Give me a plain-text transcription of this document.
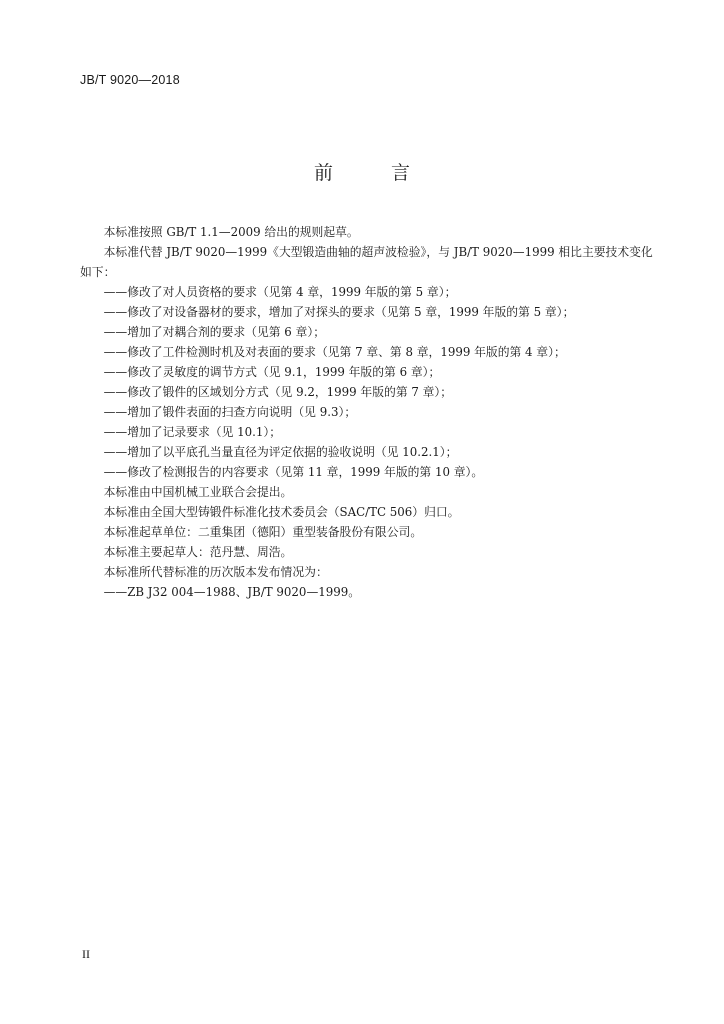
JB/T 9020—2018
前 言

本标准按照 GB/T 1.1—2009 给出的规则起草。

本标准代替 JB/T 9020—1999《大型锻造曲轴的超声波检验》，与 JB/T 9020—1999 相比主要技术变化如下：

——修改了对人员资格的要求（见第 4 章，1999 年版的第 5 章）；

——修改了对设备器材的要求，增加了对探头的要求（见第 5 章，1999 年版的第 5 章）；

——增加了对耦合剂的要求（见第 6 章）；

——修改了工件检测时机及对表面的要求（见第 7 章、第 8 章，1999 年版的第 4 章）；

——修改了灵敏度的调节方式（见 9.1，1999 年版的第 6 章）；

——修改了锻件的区域划分方式（见 9.2，1999 年版的第 7 章）；

——增加了锻件表面的扫查方向说明（见 9.3）；

——增加了记录要求（见 10.1）；

——增加了以平底孔当量直径为评定依据的验收说明（见 10.2.1）；

——修改了检测报告的内容要求（见第 11 章，1999 年版的第 10 章）。

本标准由中国机械工业联合会提出。

本标准由全国大型铸锻件标准化技术委员会（SAC/TC 506）归口。

本标准起草单位：二重集团（德阳）重型装备股份有限公司。

本标准主要起草人：范丹慧、周浩。

本标准所代替标准的历次版本发布情况为：

——ZB J32 004—1988、JB/T 9020—1999。

II
